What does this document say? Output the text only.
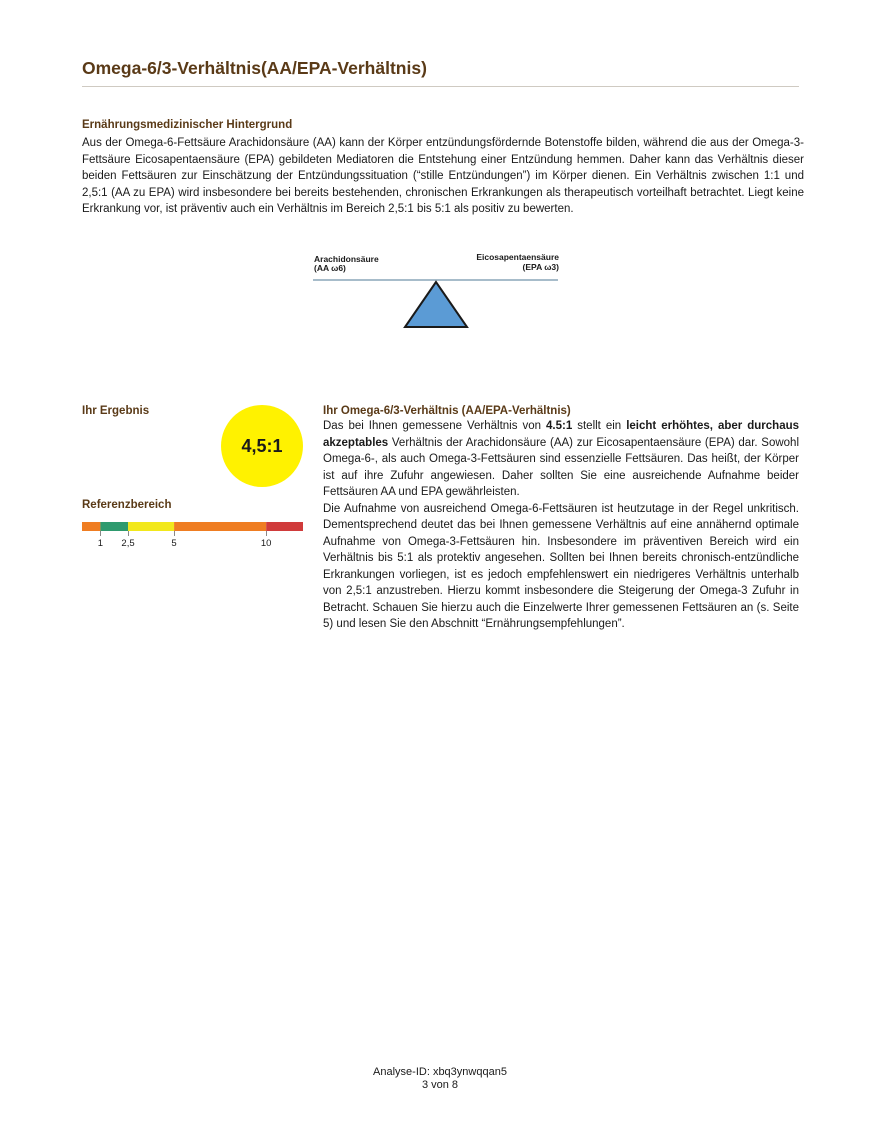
Omega-6/3-Verhältnis(AA/EPA-Verhältnis)
Ernährungsmedizinischer Hintergrund

Aus der Omega-6-Fettsäure Arachidonsäure (AA) kann der Körper entzündungsfördernde Botenstoffe bilden, während die aus der Omega-3-Fettsäure Eicosapentaensäure (EPA) gebildeten Mediatoren die Entstehung einer Entzündung hemmen. Daher kann das Verhältnis dieser beiden Fettsäuren zur Einschätzung der Entzündungssituation (“stille Entzündungen”) im Körper dienen. Ein Verhältnis zwischen 1:1 und 2,5:1 (AA zu EPA) wird insbesondere bei bereits bestehenden, chronischen Erkrankungen als therapeutisch vorteilhaft betrachtet. Liegt keine Erkrankung vor, ist präventiv auch ein Verhältnis im Bereich 2,5:1 bis 5:1 als positiv zu bewerten.

Arachidonsäure
(AA ω6)
Eicosapentaensäure
(EPA ω3)
Ihr Ergebnis
4,5:1
Referenzbereich
1 2,5	5	10
Ihr Omega-6/3-Verhältnis (AA/EPA-Verhältnis)

Das bei Ihnen gemessene Verhältnis von 4.5:1 stellt ein leicht erhöhtes, aber durchaus akzeptables Verhältnis der Arachidonsäure (AA) zur Eicosapentaensäure (EPA) dar. Sowohl Omega-6-, als auch Omega-3-Fettsäuren sind essenzielle Fettsäuren. Das heißt, der Körper ist auf ihre Zufuhr angewiesen. Daher sollten Sie eine ausreichende Aufnahme beider Fettsäuren AA und EPA gewährleisten.

Die Aufnahme von ausreichend Omega-6-Fettsäuren ist heutzutage in der Regel unkritisch. Dementsprechend deutet das bei Ihnen gemessene Verhältnis auf eine annähernd optimale Aufnahme von Omega-3-Fettsäuren hin. Insbesondere im präventiven Bereich wird ein Verhältnis bis 5:1 als protektiv angesehen. Sollten bei Ihnen bereits chronisch-entzündliche Erkrankungen vorliegen, ist es jedoch empfehlenswert ein niedrigeres Verhältnis unterhalb von 2,5:1 anzustreben. Hierzu kommt insbesondere die Steigerung der Omega-3 Zufuhr in Betracht. Schauen Sie hierzu auch die Einzelwerte Ihrer gemessenen Fettsäuren an (s. Seite 5) und lesen Sie den Abschnitt “Ernährungsempfehlungen”.

Analyse-ID: xbq3ynwqqan5
3 von 8
